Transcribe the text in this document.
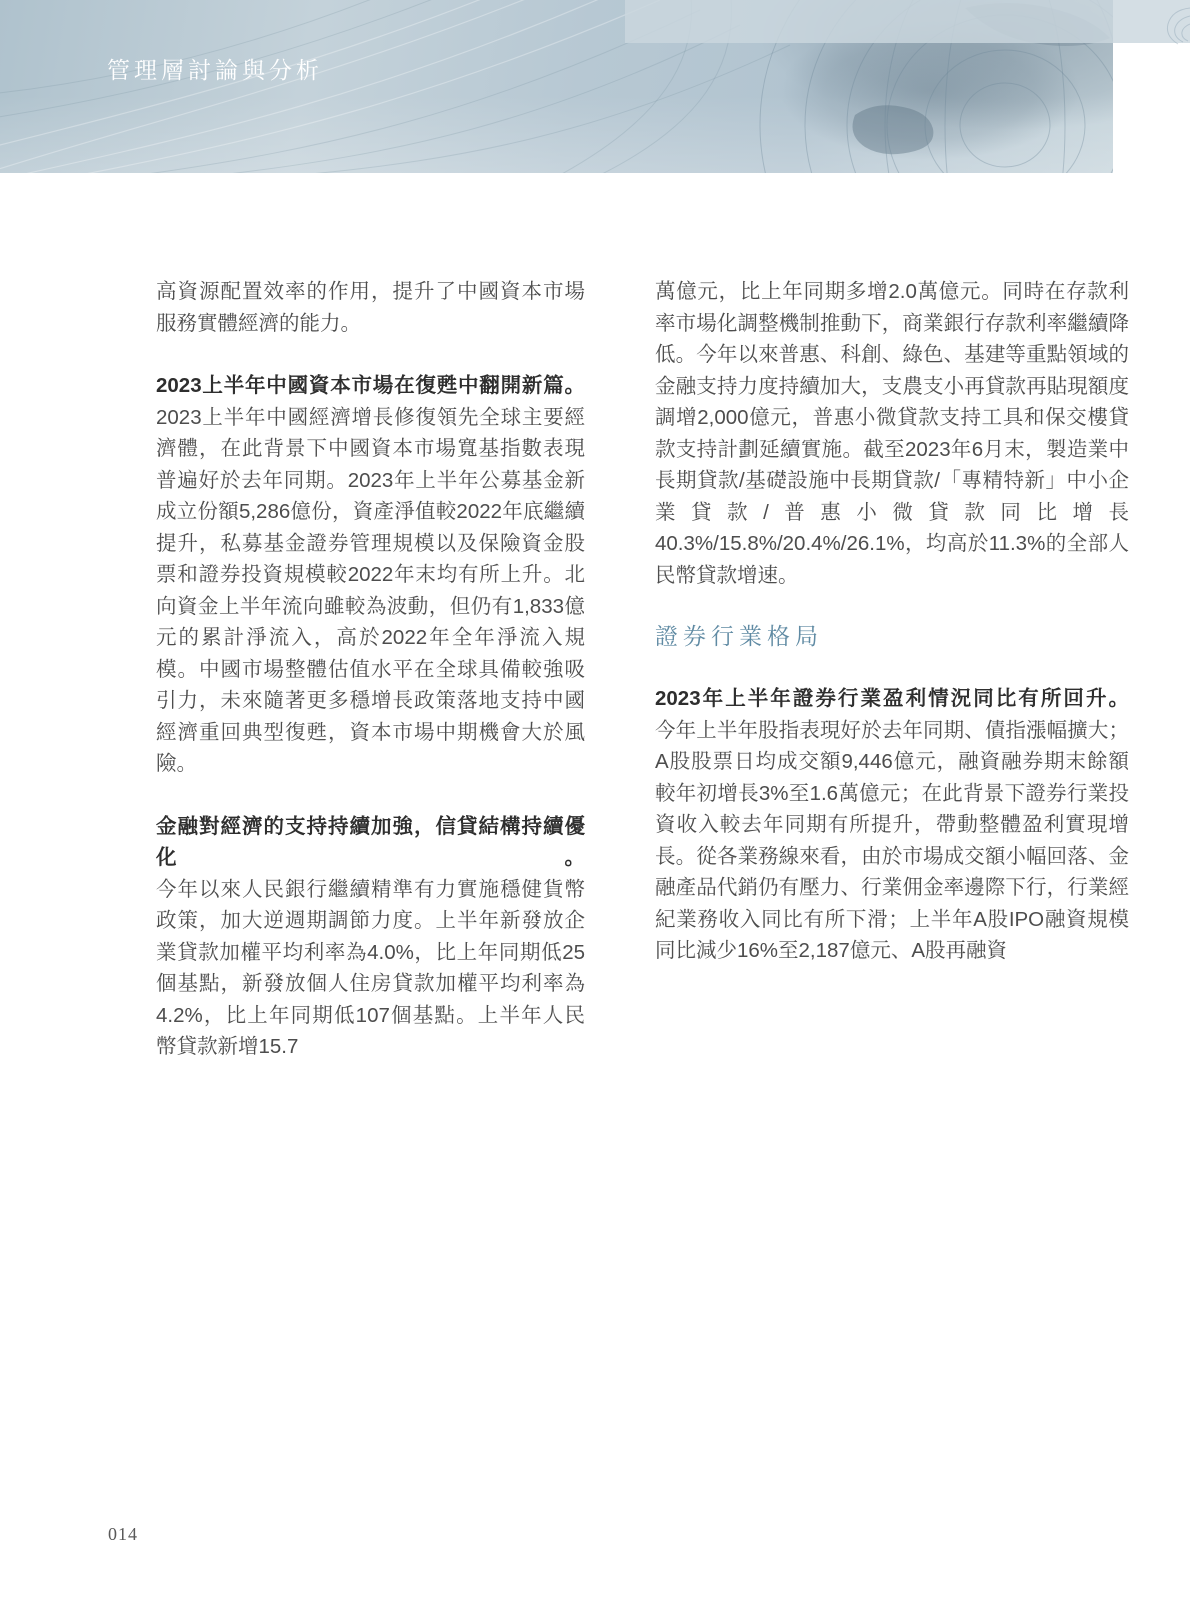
管理層討論與分析

高資源配置效率的作用，提升了中國資本市場服務實體經濟的能力。

2023上半年中國資本市場在復甦中翻開新篇。

2023上半年中國經濟增長修復領先全球主要經濟體，在此背景下中國資本市場寬基指數表現普遍好於去年同期。2023年上半年公募基金新成立份額5,286億份，資產淨值較2022年底繼續提升，私募基金證券管理規模以及保險資金股票和證券投資規模較2022年末均有所上升。北向資金上半年流向雖較為波動，但仍有1,833億元的累計淨流入，高於2022年全年淨流入規模。中國市場整體估值水平在全球具備較強吸引力，未來隨著更多穩增長政策落地支持中國經濟重回典型復甦，資本市場中期機會大於風險。

金融對經濟的支持持續加強，信貸結構持續優化。

今年以來人民銀行繼續精準有力實施穩健貨幣政策，加大逆週期調節力度。上半年新發放企業貸款加權平均利率為4.0%，比上年同期低25個基點，新發放個人住房貸款加權平均利率為4.2%，比上年同期低107個基點。上半年人民幣貸款新增15.7

萬億元，比上年同期多增2.0萬億元。同時在存款利率市場化調整機制推動下，商業銀行存款利率繼續降低。今年以來普惠、科創、綠色、基建等重點領域的金融支持力度持續加大，支農支小再貸款再貼現額度調增2,000億元，普惠小微貸款支持工具和保交樓貸款支持計劃延續實施。截至2023年6月末，製造業中長期貸款/基礎設施中長期貸款/「專精特新」中小企業貸款/普惠小微貸款同比增長40.3%/15.8%/20.4%/26.1%，均高於11.3%的全部人民幣貸款增速。

證券行業格局

2023年上半年證券行業盈利情況同比有所回升。

今年上半年股指表現好於去年同期、債指漲幅擴大；A股股票日均成交額9,446億元，融資融券期末餘額較年初增長3%至1.6萬億元；在此背景下證券行業投資收入較去年同期有所提升，帶動整體盈利實現增長。從各業務線來看，由於市場成交額小幅回落、金融產品代銷仍有壓力、行業佣金率邊際下行，行業經紀業務收入同比有所下滑；上半年A股IPO融資規模同比減少16%至2,187億元、A股再融資

014
